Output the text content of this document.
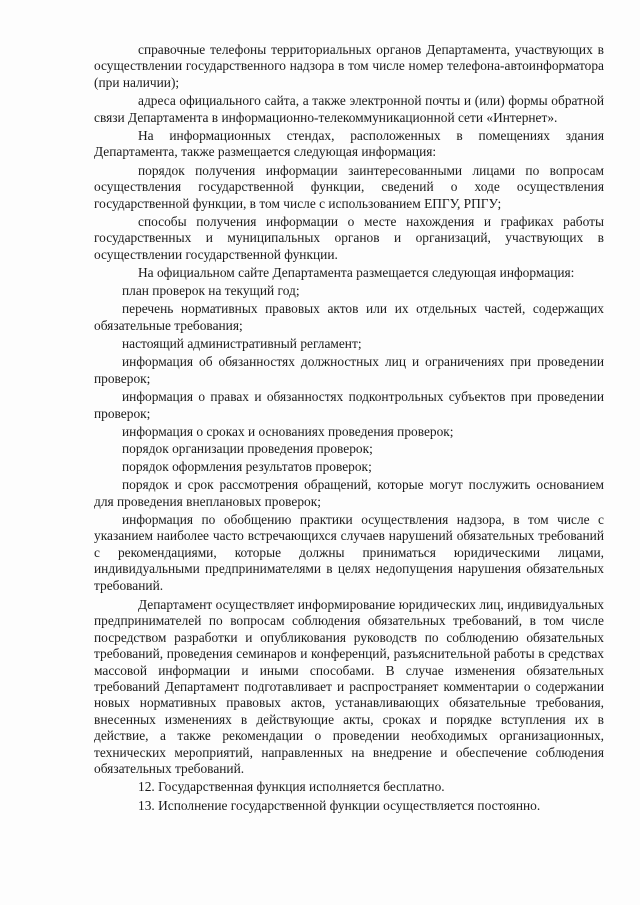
справочные телефоны территориальных органов Департамента, участвующих в осуществлении государственного надзора в том числе номер телефона-автоинформатора (при наличии);

адреса официального сайта, а также электронной почты и (или) формы обратной связи Департамента в информационно-телекоммуникационной сети «Интернет».

На информационных стендах, расположенных в помещениях здания Департамента, также размещается следующая информация:

порядок получения информации заинтересованными лицами по вопросам осуществления государственной функции, сведений о ходе осуществления государственной функции, в том числе с использованием ЕПГУ, РПГУ;

способы получения информации о месте нахождения и графиках работы государственных и муниципальных органов и организаций, участвующих в осуществлении государственной функции.

На официальном сайте Департамента размещается следующая информация:

план проверок на текущий год;

перечень нормативных правовых актов или их отдельных частей, содержащих обязательные требования;

настоящий административный регламент;

информация об обязанностях должностных лиц и ограничениях при проведении проверок;

информация о правах и обязанностях подконтрольных субъектов при проведении проверок;

информация о сроках и основаниях проведения проверок;

порядок организации проведения проверок;

порядок оформления результатов проверок;

порядок и срок рассмотрения обращений, которые могут послужить основанием для проведения внеплановых проверок;

информация по обобщению практики осуществления надзора, в том числе с указанием наиболее часто встречающихся случаев нарушений обязательных требований с рекомендациями, которые должны приниматься юридическими лицами, индивидуальными предпринимателями в целях недопущения нарушения обязательных требований.

Департамент осуществляет информирование юридических лиц, индивидуальных предпринимателей по вопросам соблюдения обязательных требований, в том числе посредством разработки и опубликования руководств по соблюдению обязательных требований, проведения семинаров и конференций, разъяснительной работы в средствах массовой информации и иными способами. В случае изменения обязательных требований Департамент подготавливает и распространяет комментарии о содержании новых нормативных правовых актов, устанавливающих обязательные требования, внесенных изменениях в действующие акты, сроках и порядке вступления их в действие, а также рекомендации о проведении необходимых организационных, технических мероприятий, направленных на внедрение и обеспечение соблюдения обязательных требований.

12. Государственная функция исполняется бесплатно.

13. Исполнение государственной функции осуществляется постоянно.
